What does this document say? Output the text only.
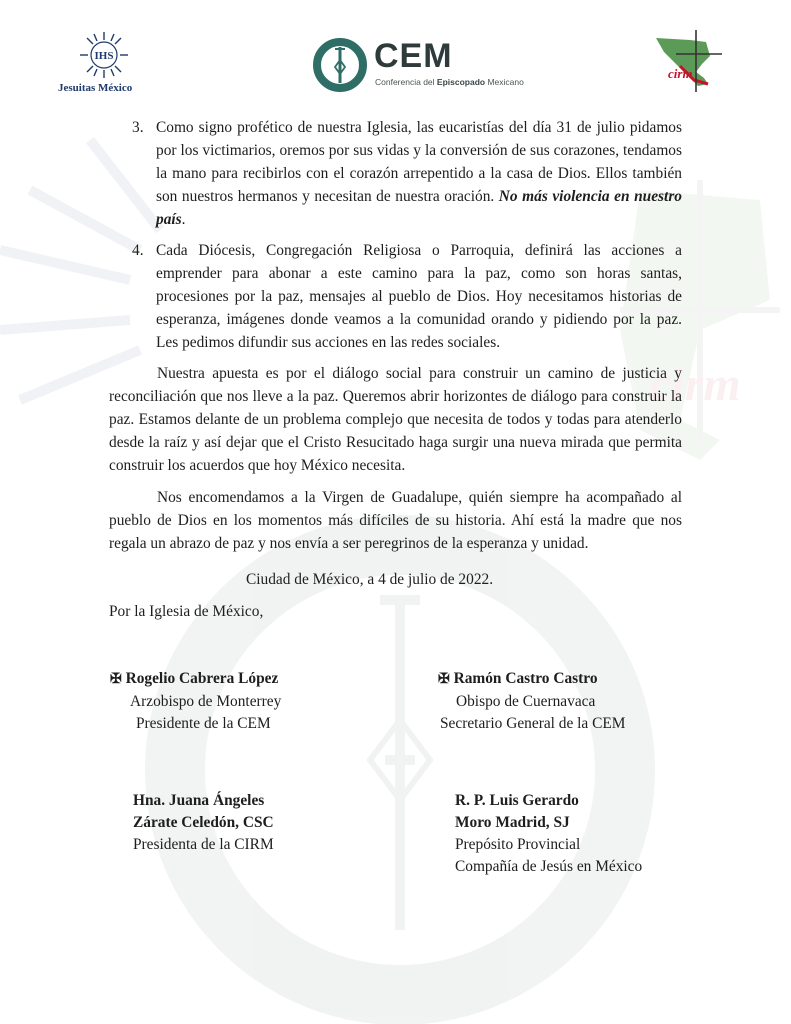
cirm
IHS
Jesuitas México
CEM
Conferencia del Episcopado Mexicano
cirm
3. Como signo profético de nuestra Iglesia, las eucaristías del día 31 de julio pidamos por los victimarios, oremos por sus vidas y la conversión de sus corazones, tendamos la mano para recibirlos con el corazón arrepentido a la casa de Dios. Ellos también son nuestros hermanos y necesitan de nuestra oración. No más violencia en nuestro país.
4. Cada Diócesis, Congregación Religiosa o Parroquia, definirá las acciones a emprender para abonar a este camino para la paz, como son horas santas, procesiones por la paz, mensajes al pueblo de Dios. Hoy necesitamos historias de esperanza, imágenes donde veamos a la comunidad orando y pidiendo por la paz. Les pedimos difundir sus acciones en las redes sociales.
Nuestra apuesta es por el diálogo social para construir un camino de justicia y reconciliación que nos lleve a la paz. Queremos abrir horizontes de diálogo para construir la paz. Estamos delante de un problema complejo que necesita de todos y todas para atenderlo desde la raíz y así dejar que el Cristo Resucitado haga surgir una nueva mirada que permita construir los acuerdos que hoy México necesita.
Nos encomendamos a la Virgen de Guadalupe, quién siempre ha acompañado al pueblo de Dios en los momentos más difíciles de su historia. Ahí está la madre que nos regala un abrazo de paz y nos envía a ser peregrinos de la esperanza y unidad.
Ciudad de México, a 4 de julio de 2022.
Por la Iglesia de México,
✠ Rogelio Cabrera López
Arzobispo de Monterrey
Presidente de la CEM
✠ Ramón Castro Castro
Obispo de Cuernavaca
Secretario General de la CEM
Hna. Juana Ángeles
Zárate Celedón, CSC
Presidenta de la CIRM
R. P. Luis Gerardo
Moro Madrid, SJ
Prepósito Provincial
Compañía de Jesús en México
